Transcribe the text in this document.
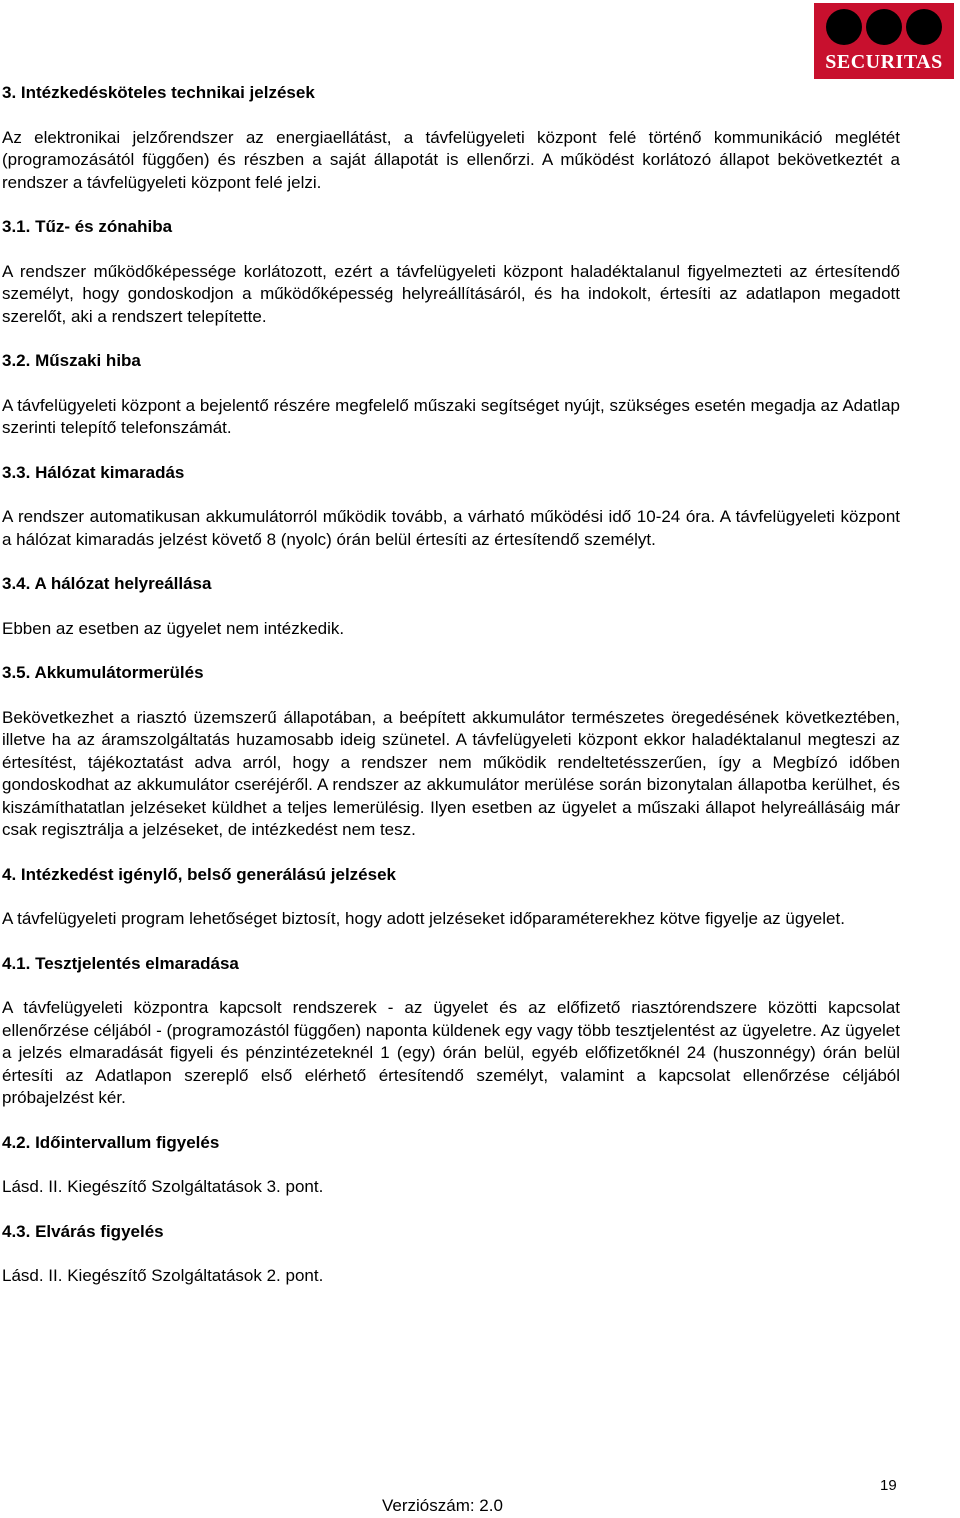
SECURITAS
3. Intézkedésköteles technikai jelzések

Az elektronikai jelzőrendszer az energiaellátást, a távfelügyeleti központ felé történő kommunikáció meglétét (programozásától függően) és részben a saját állapotát is ellenőrzi. A működést korlátozó állapot bekövetkeztét a rendszer a távfelügyeleti központ felé jelzi.

3.1. Tűz- és zónahiba

A rendszer működőképessége korlátozott, ezért a távfelügyeleti központ haladéktalanul figyelmezteti az értesítendő személyt, hogy gondoskodjon a működőképesség helyreállításáról, és ha indokolt, értesíti az adatlapon megadott szerelőt, aki a rendszert telepítette.

3.2. Műszaki hiba

A távfelügyeleti központ a bejelentő részére megfelelő műszaki segítséget nyújt, szükséges esetén megadja az Adatlap szerinti telepítő telefonszámát.

3.3. Hálózat kimaradás

A rendszer automatikusan akkumulátorról működik tovább, a várható működési idő 10-24 óra. A távfelügyeleti központ a hálózat kimaradás jelzést követő 8 (nyolc) órán belül értesíti az értesítendő személyt.

3.4. A hálózat helyreállása

Ebben az esetben az ügyelet nem intézkedik.

3.5. Akkumulátormerülés

Bekövetkezhet a riasztó üzemszerű állapotában, a beépített akkumulátor természetes öregedésének következtében, illetve ha az áramszolgáltatás huzamosabb ideig szünetel. A távfelügyeleti központ ekkor haladéktalanul megteszi az értesítést, tájékoztatást adva arról, hogy a rendszer nem működik rendeltetésszerűen, így a Megbízó időben gondoskodhat az akkumulátor cseréjéről. A rendszer az akkumulátor merülése során bizonytalan állapotba kerülhet, és kiszámíthatatlan jelzéseket küldhet a teljes lemerülésig. Ilyen esetben az ügyelet a műszaki állapot helyreállásáig már csak regisztrálja a jelzéseket, de intézkedést nem tesz.

4. Intézkedést igénylő, belső generálású jelzések

A távfelügyeleti program lehetőséget biztosít, hogy adott jelzéseket időparaméterekhez kötve figyelje az ügyelet.

4.1. Tesztjelentés elmaradása

A távfelügyeleti központra kapcsolt rendszerek - az ügyelet és az előfizető riasztórendszere közötti kapcsolat ellenőrzése céljából - (programozástól függően) naponta küldenek egy vagy több tesztjelentést az ügyeletre. Az ügyelet a jelzés elmaradását figyeli és pénzintézeteknél 1 (egy) órán belül, egyéb előfizetőknél 24 (huszonnégy) órán belül értesíti az Adatlapon szereplő első elérhető értesítendő személyt, valamint a kapcsolat ellenőrzése céljából próbajelzést kér.

4.2. Időintervallum figyelés

Lásd. II. Kiegészítő Szolgáltatások 3. pont.

4.3. Elvárás figyelés

Lásd. II. Kiegészítő Szolgáltatások 2. pont.

19
Verziószám: 2.0
